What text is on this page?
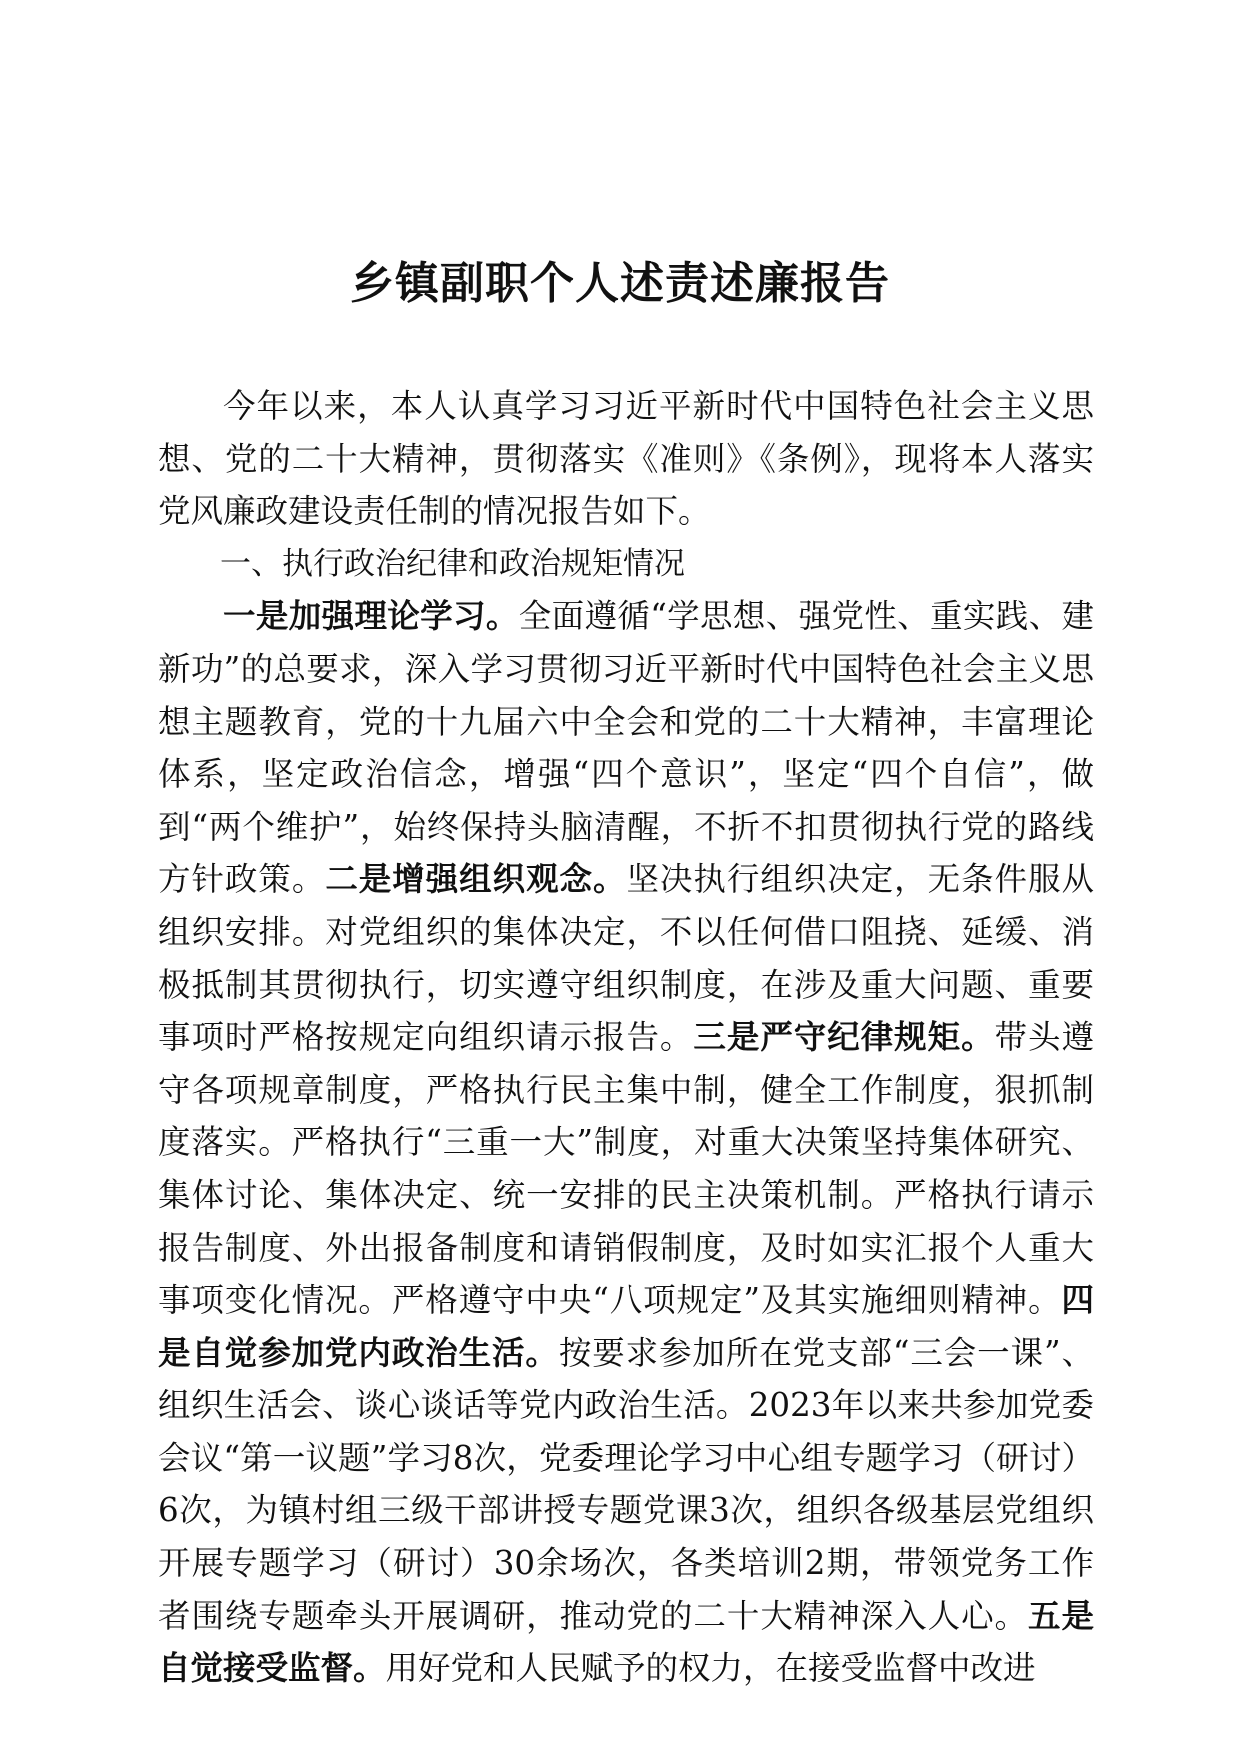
乡镇副职个人述责述廉报告

今年以来，本人认真学习习近平新时代中国特色社会主义思想、党的二十大精神，贯彻落实《准则》《条例》，现将本人落实党风廉政建设责任制的情况报告如下。

一、执行政治纪律和政治规矩情况

一是加强理论学习。全面遵循“学思想、强党性、重实践、建新功”的总要求，深入学习贯彻习近平新时代中国特色社会主义思想主题教育，党的十九届六中全会和党的二十大精神，丰富理论体系，坚定政治信念，增强“四个意识”，坚定“四个自信”，做到“两个维护”，始终保持头脑清醒，不折不扣贯彻执行党的路线方针政策。二是增强组织观念。坚决执行组织决定，无条件服从组织安排。对党组织的集体决定，不以任何借口阻挠、延缓、消极抵制其贯彻执行，切实遵守组织制度，在涉及重大问题、重要事项时严格按规定向组织请示报告。三是严守纪律规矩。带头遵守各项规章制度，严格执行民主集中制，健全工作制度，狠抓制度落实。严格执行“三重一大”制度，对重大决策坚持集体研究、集体讨论、集体决定、统一安排的民主决策机制。严格执行请示报告制度、外出报备制度和请销假制度，及时如实汇报个人重大事项变化情况。严格遵守中央“八项规定”及其实施细则精神。四是自觉参加党内政治生活。按要求参加所在党支部“三会一课”、组织生活会、谈心谈话等党内政治生活。2023年以来共参加党委会议“第一议题”学习8次，党委理论学习中心组专题学习（研讨）6次，为镇村组三级干部讲授专题党课3次，组织各级基层党组织开展专题学习（研讨）30余场次，各类培训2期，带领党务工作者围绕专题牵头开展调研，推动党的二十大精神深入人心。五是自觉接受监督。用好党和人民赋予的权力，在接受监督中改进
